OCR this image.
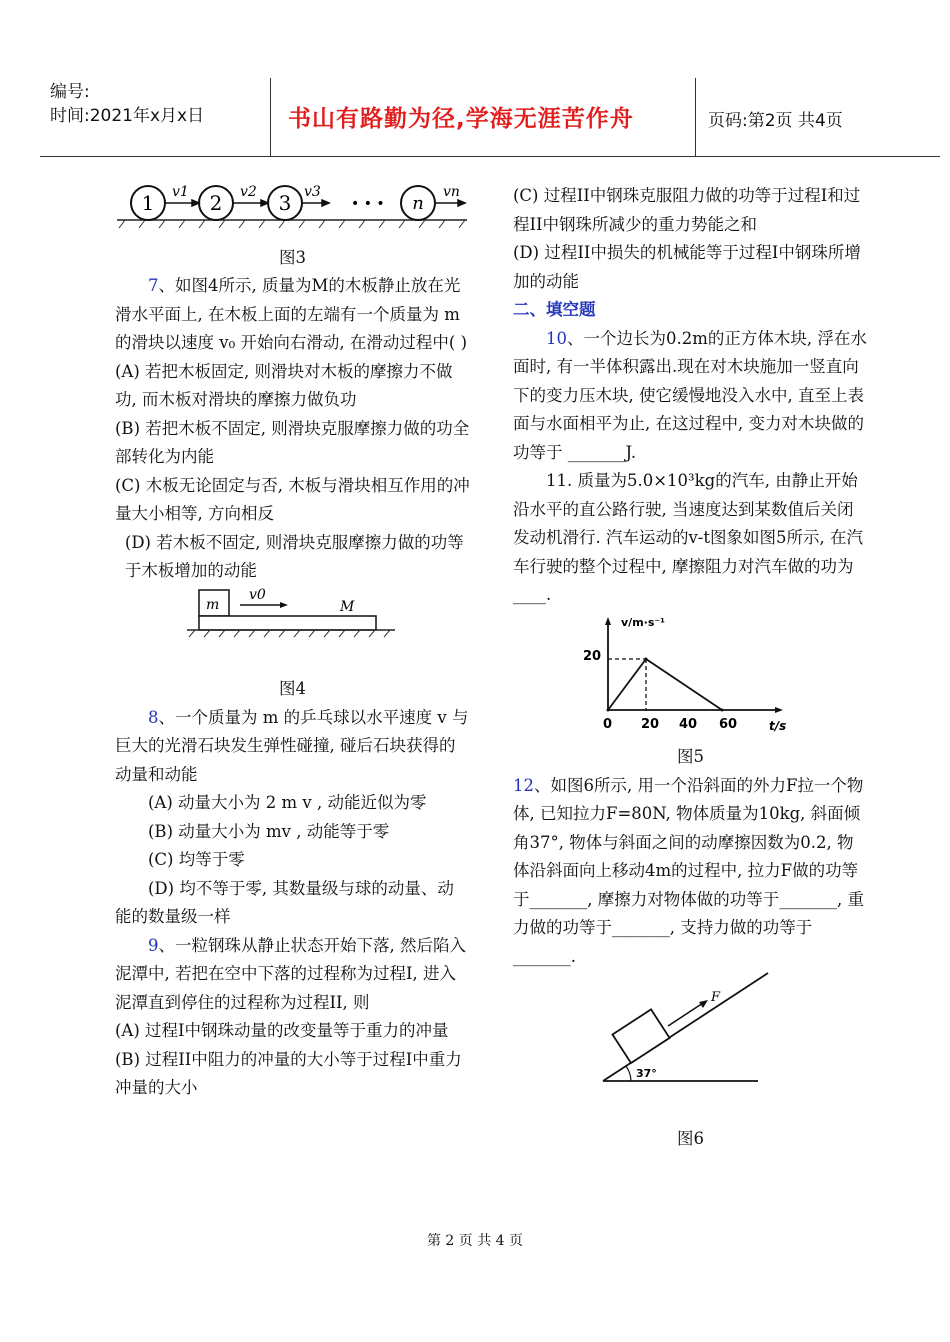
编号:
时间:2021年x月x日	书山有路勤为径,学海无涯苦作舟	页码:第2页 共4页
1	2	3	n
v1	v2	v3
• • •
vn

图3

7、如图4所示, 质量为M的木板静止放在光滑水平面上, 在木板上面的左端有一个质量为 m 的滑块以速度 v₀ 开始向右滑动, 在滑动过程中( )

(A) 若把木板固定, 则滑块对木板的摩擦力不做功, 而木板对滑块的摩擦力做负功

(B) 若把木板不固定, 则滑块克服摩擦力做的功全部转化为内能

(C) 木板无论固定与否, 木板与滑块相互作用的冲量大小相等, 方向相反

(D) 若木板不固定, 则滑块克服摩擦力做的功等于木板增加的动能

m
v0
M

图4

8、一个质量为 m 的乒乓球以水平速度 v 与巨大的光滑石块发生弹性碰撞, 碰后石块获得的动量和动能

(A) 动量大小为 2 m v , 动能近似为零

(B) 动量大小为 mv , 动能等于零

(C) 均等于零

(D) 均不等于零, 其数量级与球的动量、动能的数量级一样

9、一粒钢珠从静止状态开始下落, 然后陷入泥潭中, 若把在空中下落的过程称为过程I, 进入泥潭直到停住的过程称为过程II, 则

(A) 过程I中钢珠动量的改变量等于重力的冲量

(B) 过程II中阻力的冲量的大小等于过程I中重力冲量的大小

(C) 过程II中钢珠克服阻力做的功等于过程I和过程II中钢珠所减少的重力势能之和

(D) 过程II中损失的机械能等于过程I中钢珠所增加的动能

二、填空题

10、一个边长为0.2m的正方体木块, 浮在水面时, 有一半体积露出.现在对木块施加一竖直向下的变力压木块, 使它缓慢地没入水中, 直至上表面与水面相平为止, 在这过程中, 变力对木块做的功等于 _______J.

11. 质量为5.0×10³kg的汽车, 由静止开始沿水平的直公路行驶, 当速度达到某数值后关闭发动机滑行. 汽车运动的v-t图象如图5所示, 在汽车行驶的整个过程中, 摩擦阻力对汽车做的功为____.

v/m·s⁻¹
t/s
20
0 20 40 60

图5

12、如图6所示, 用一个沿斜面的外力F拉一个物体, 已知拉力F=80N, 物体质量为10kg, 斜面倾角37°, 物体与斜面之间的动摩擦因数为0.2, 物体沿斜面向上移动4m的过程中, 拉力F做的功等于_______, 摩擦力对物体做的功等于_______, 重力做的功等于_______, 支持力做的功等于_______.

37°
F

图6

第 2 页 共 4 页
